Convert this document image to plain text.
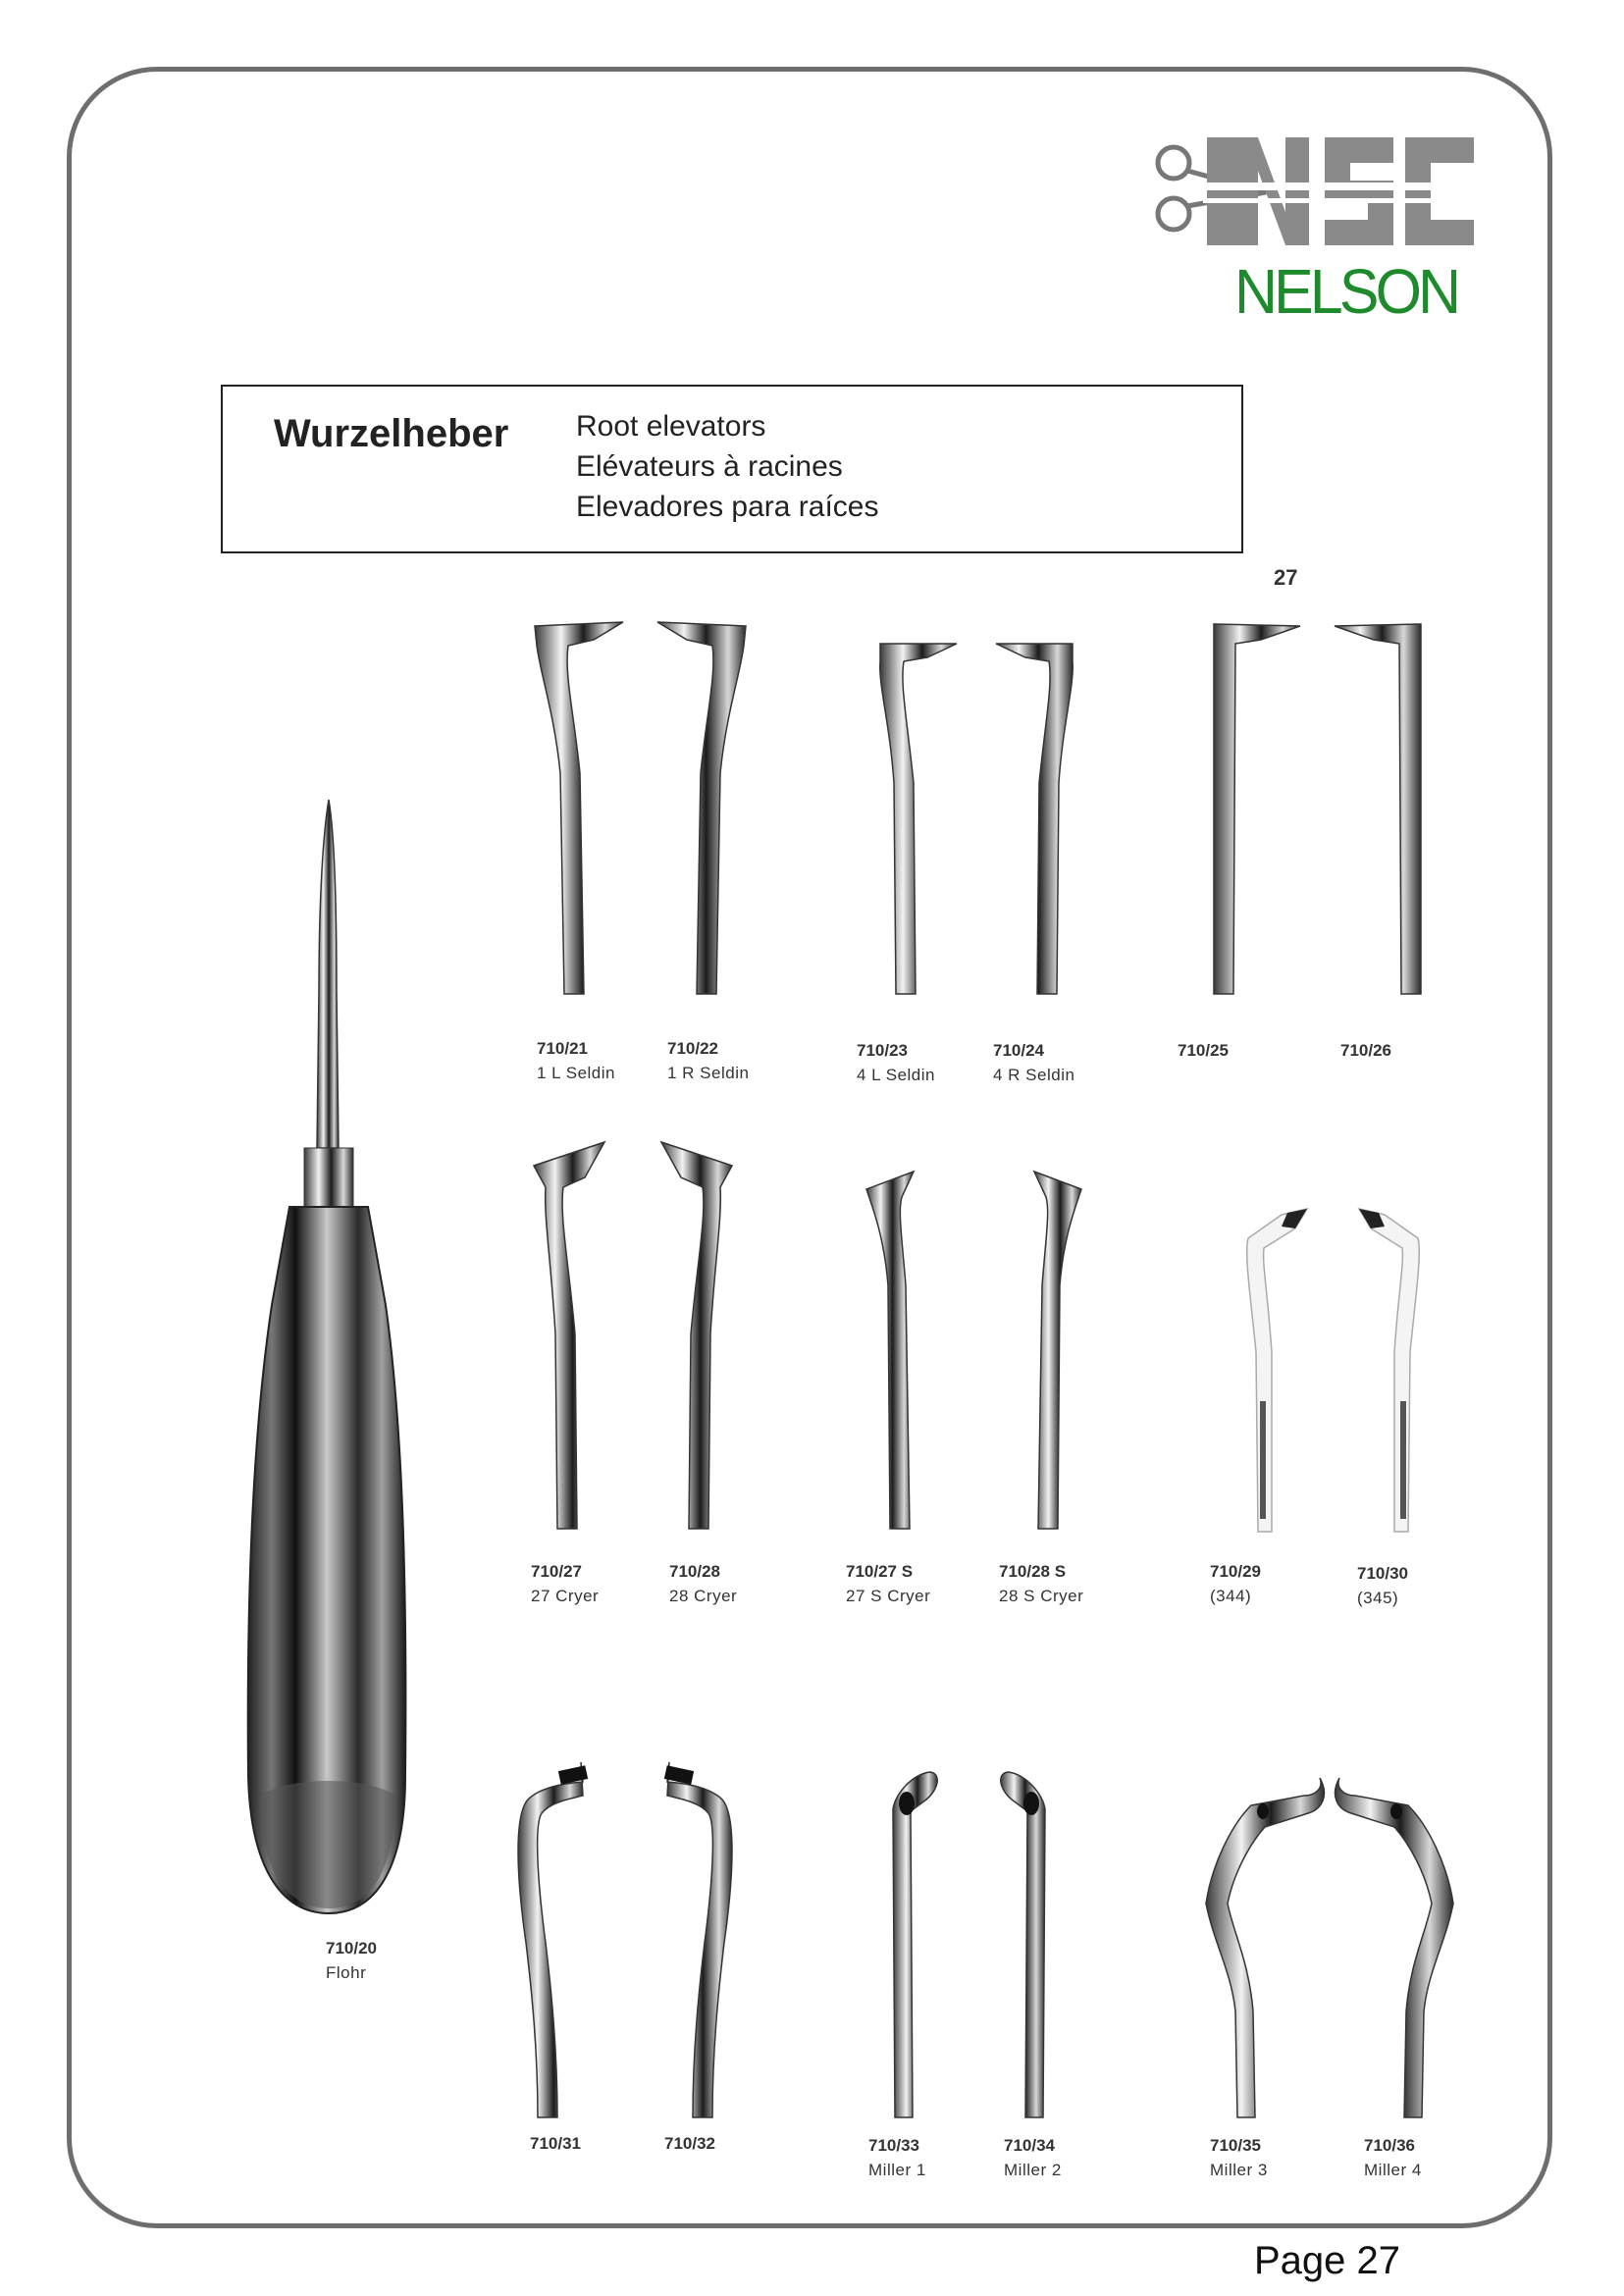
NELSON
Wurzelheber Root elevators
Elévateurs à racines
Elevadores para raíces
27
710/20
Flohr
710/21
1 L Seldin
710/22
1 R Seldin
710/23
4 L Seldin
710/24
4 R Seldin
710/25	710/26
710/27
27 Cryer
710/28
28 Cryer
710/27 S
27 S Cryer
710/28 S
28 S Cryer
710/29
(344)
710/30
(345)
710/31	710/32	710/33
Miller 1
710/34
Miller 2
710/35
Miller 3
710/36
Miller 4
Page 27
